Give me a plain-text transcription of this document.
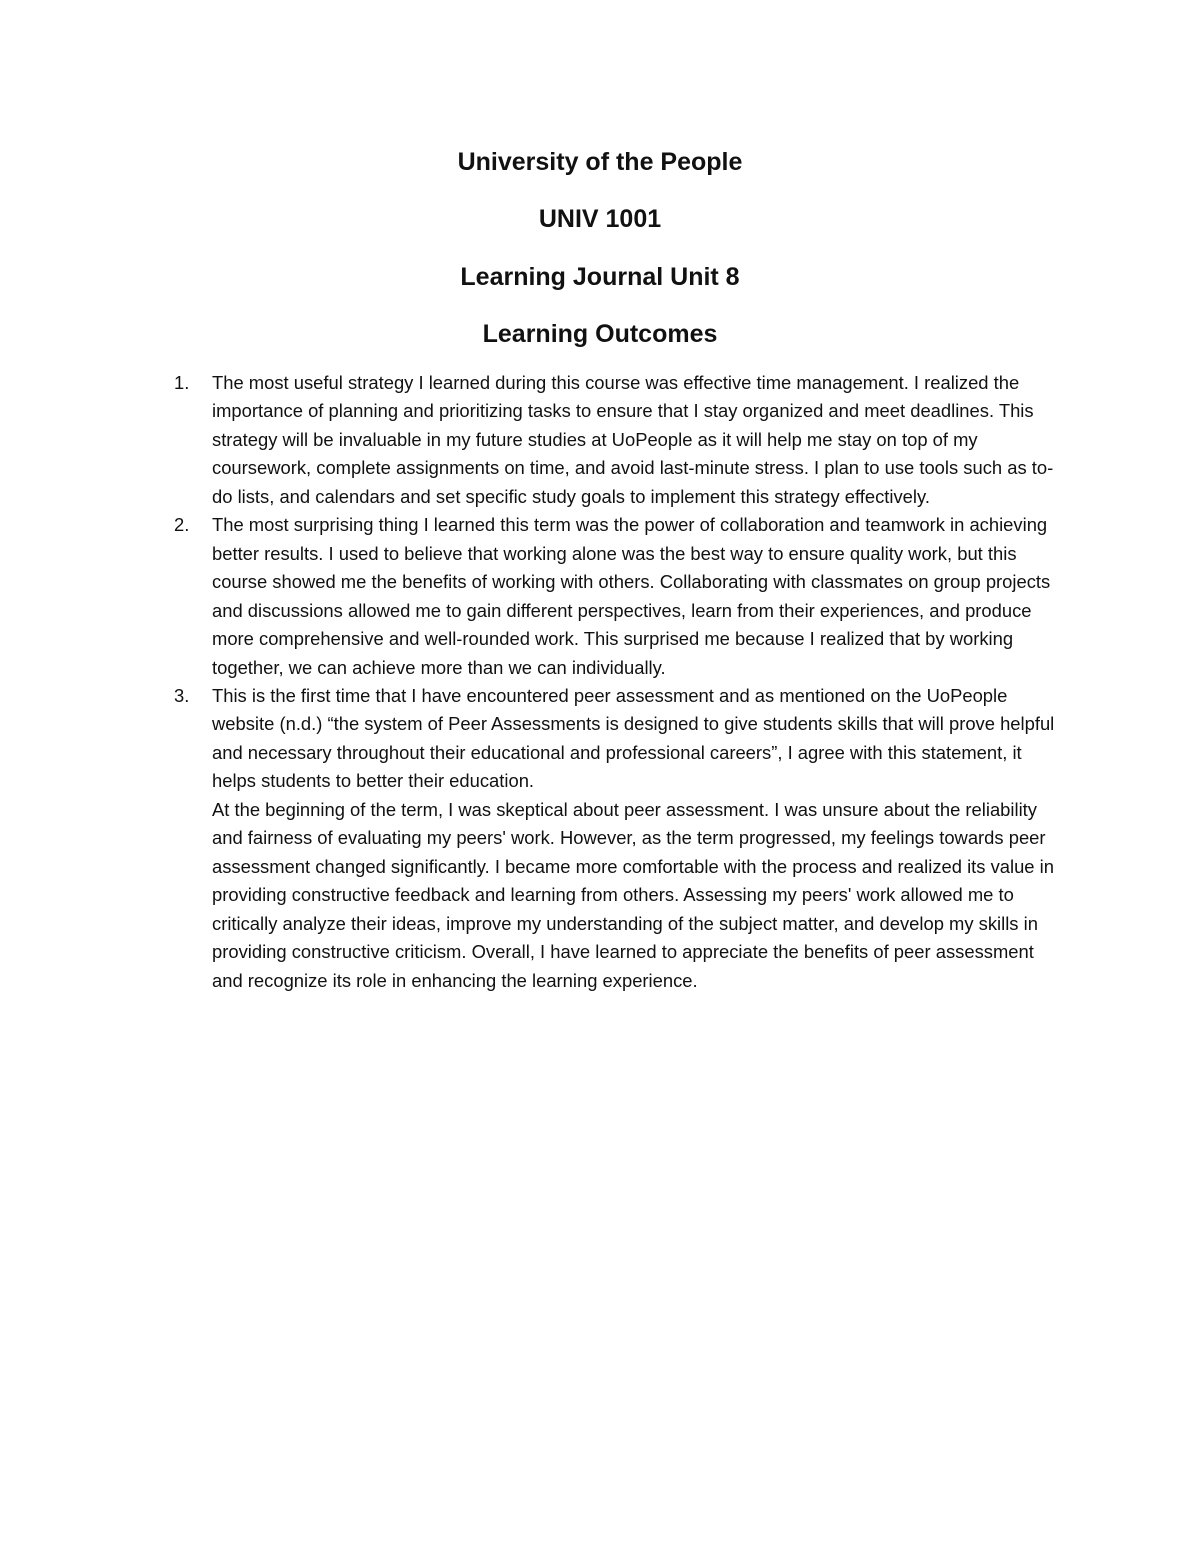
University of the People
UNIV 1001
Learning Journal Unit 8
Learning Outcomes
1. The most useful strategy I learned during this course was effective time management. I realized the importance of planning and prioritizing tasks to ensure that I stay organized and meet deadlines. This strategy will be invaluable in my future studies at UoPeople as it will help me stay on top of my coursework, complete assignments on time, and avoid last-minute stress. I plan to use tools such as to-do lists, and calendars and set specific study goals to implement this strategy effectively.

2. The most surprising thing I learned this term was the power of collaboration and teamwork in achieving better results. I used to believe that working alone was the best way to ensure quality work, but this course showed me the benefits of working with others. Collaborating with classmates on group projects and discussions allowed me to gain different perspectives, learn from their experiences, and produce more comprehensive and well-rounded work. This surprised me because I realized that by working together, we can achieve more than we can individually.

3. This is the first time that I have encountered peer assessment and as mentioned on the UoPeople website (n.d.) “the system of Peer Assessments is designed to give students skills that will prove helpful and necessary throughout their educational and professional careers”, I agree with this statement, it helps students to better their education.

At the beginning of the term, I was skeptical about peer assessment. I was unsure about the reliability and fairness of evaluating my peers' work. However, as the term progressed, my feelings towards peer assessment changed significantly. I became more comfortable with the process and realized its value in providing constructive feedback and learning from others. Assessing my peers' work allowed me to critically analyze their ideas, improve my understanding of the subject matter, and develop my skills in providing constructive criticism. Overall, I have learned to appreciate the benefits of peer assessment and recognize its role in enhancing the learning experience.
